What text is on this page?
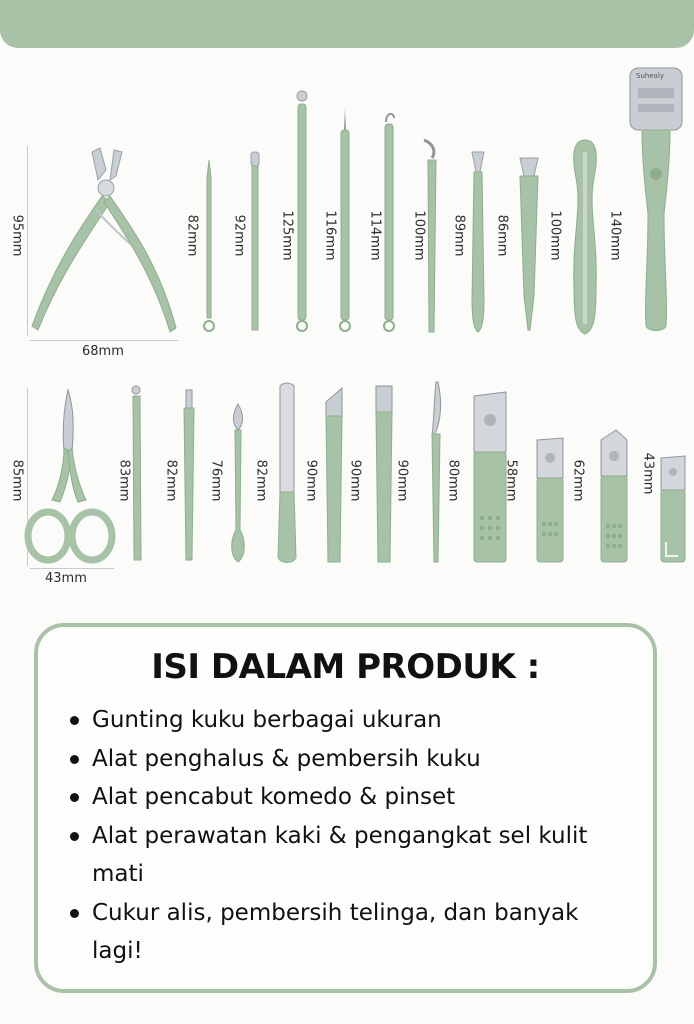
95mm
68mm
82mm 92mm	125mm 116mm 114mm 100mm 89mm 86mm	100mm	140mm
Suhealy
85mm
43mm
83mm 82mm 76mm 82mm	90mm 90mm 90mm	80mm	58mm	62mm	43mm
ISI DALAM PRODUK :
Gunting kuku berbagai ukuran
Alat penghalus & pembersih kuku
Alat pencabut komedo & pinset
Alat perawatan kaki & pengangkat sel kulit mati
Cukur alis, pembersih telinga, dan banyak lagi!
